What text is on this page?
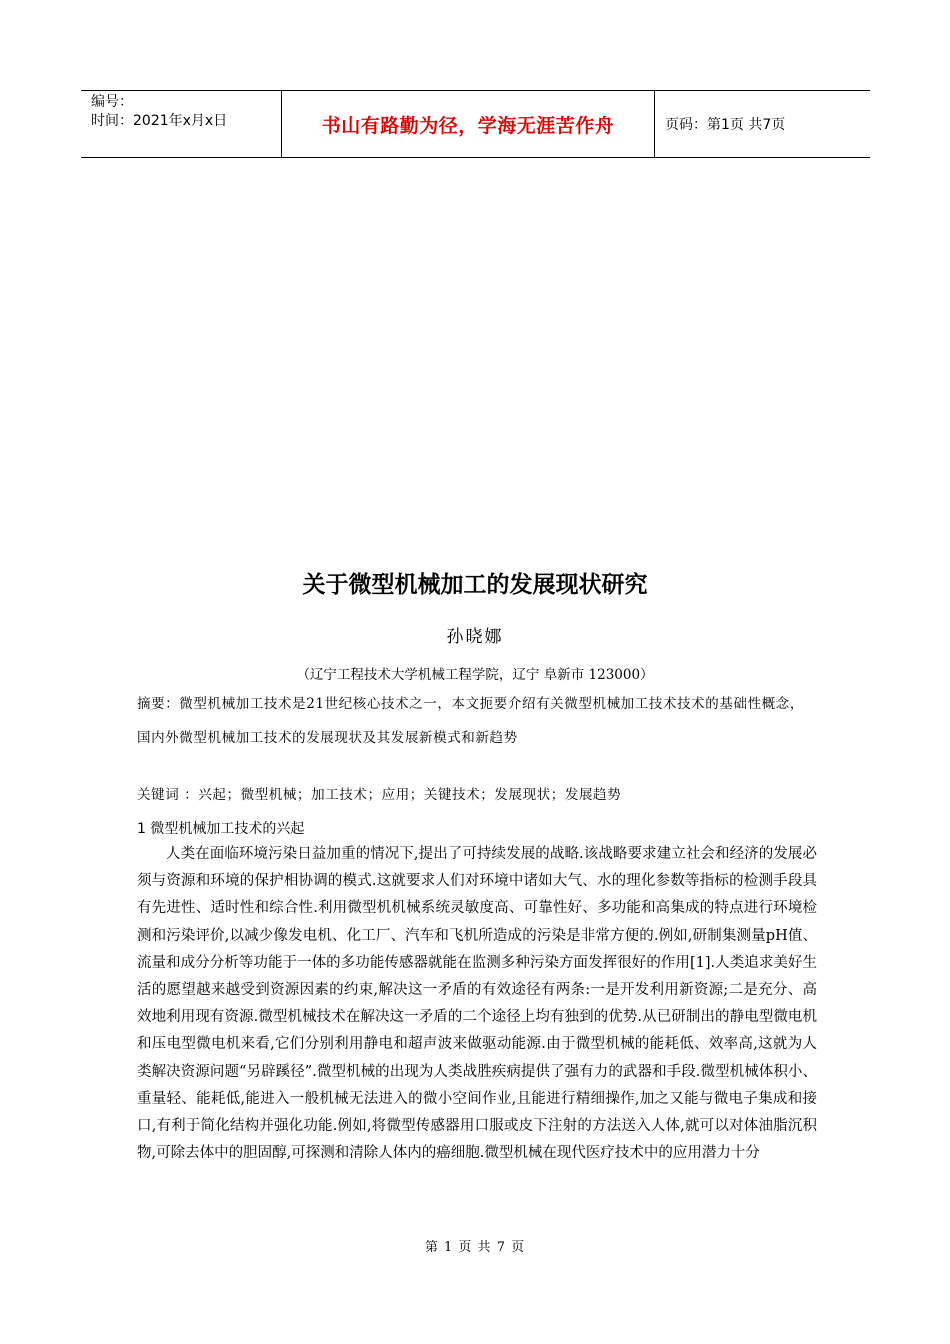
编号：
时间：2021年x月x日	书山有路勤为径，学海无涯苦作舟	页码：第1页 共7页
关于微型机械加工的发展现状研究
孙晓娜
（辽宁工程技术大学机械工程学院，辽宁 阜新市 123000）
摘要：微型机械加工技术是21世纪核心技术之一，本文扼要介绍有关微型机械加工技术技术的基础性概念，国内外微型机械加工技术的发展现状及其发展新模式和新趋势
关键词 ：兴起；微型机械；加工技术；应用；关键技术；发展现状；发展趋势
1 微型机械加工技术的兴起
人类在面临环境污染日益加重的情况下,提出了可持续发展的战略.该战略要求建立社会和经济的发展必须与资源和环境的保护相协调的模式.这就要求人们对环境中诸如大气、水的理化参数等指标的检测手段具有先进性、适时性和综合性.利用微型机机械系统灵敏度高、可靠性好、多功能和高集成的特点进行环境检测和污染评价,以减少像发电机、化工厂、汽车和飞机所造成的污染是非常方便的.例如,研制集测量pH值、流量和成分分析等功能于一体的多功能传感器就能在监测多种污染方面发挥很好的作用[1].人类追求美好生活的愿望越来越受到资源因素的约束,解决这一矛盾的有效途径有两条:一是开发利用新资源;二是充分、高效地利用现有资源.微型机械技术在解决这一矛盾的二个途径上均有独到的优势.从已研制出的静电型微电机和压电型微电机来看,它们分别利用静电和超声波来做驱动能源.由于微型机械的能耗低、效率高,这就为人类解决资源问题“另辟蹊径”.微型机械的出现为人类战胜疾病提供了强有力的武器和手段.微型机械体积小、重量轻、能耗低,能进入一般机械无法进入的微小空间作业,且能进行精细操作,加之又能与微电子集成和接口,有利于简化结构并强化功能.例如,将微型传感器用口服或皮下注射的方法送入人体,就可以对体油脂沉积物,可除去体中的胆固醇,可探测和清除人体内的癌细胞.微型机械在现代医疗技术中的应用潜力十分
第 1 页 共 7 页
